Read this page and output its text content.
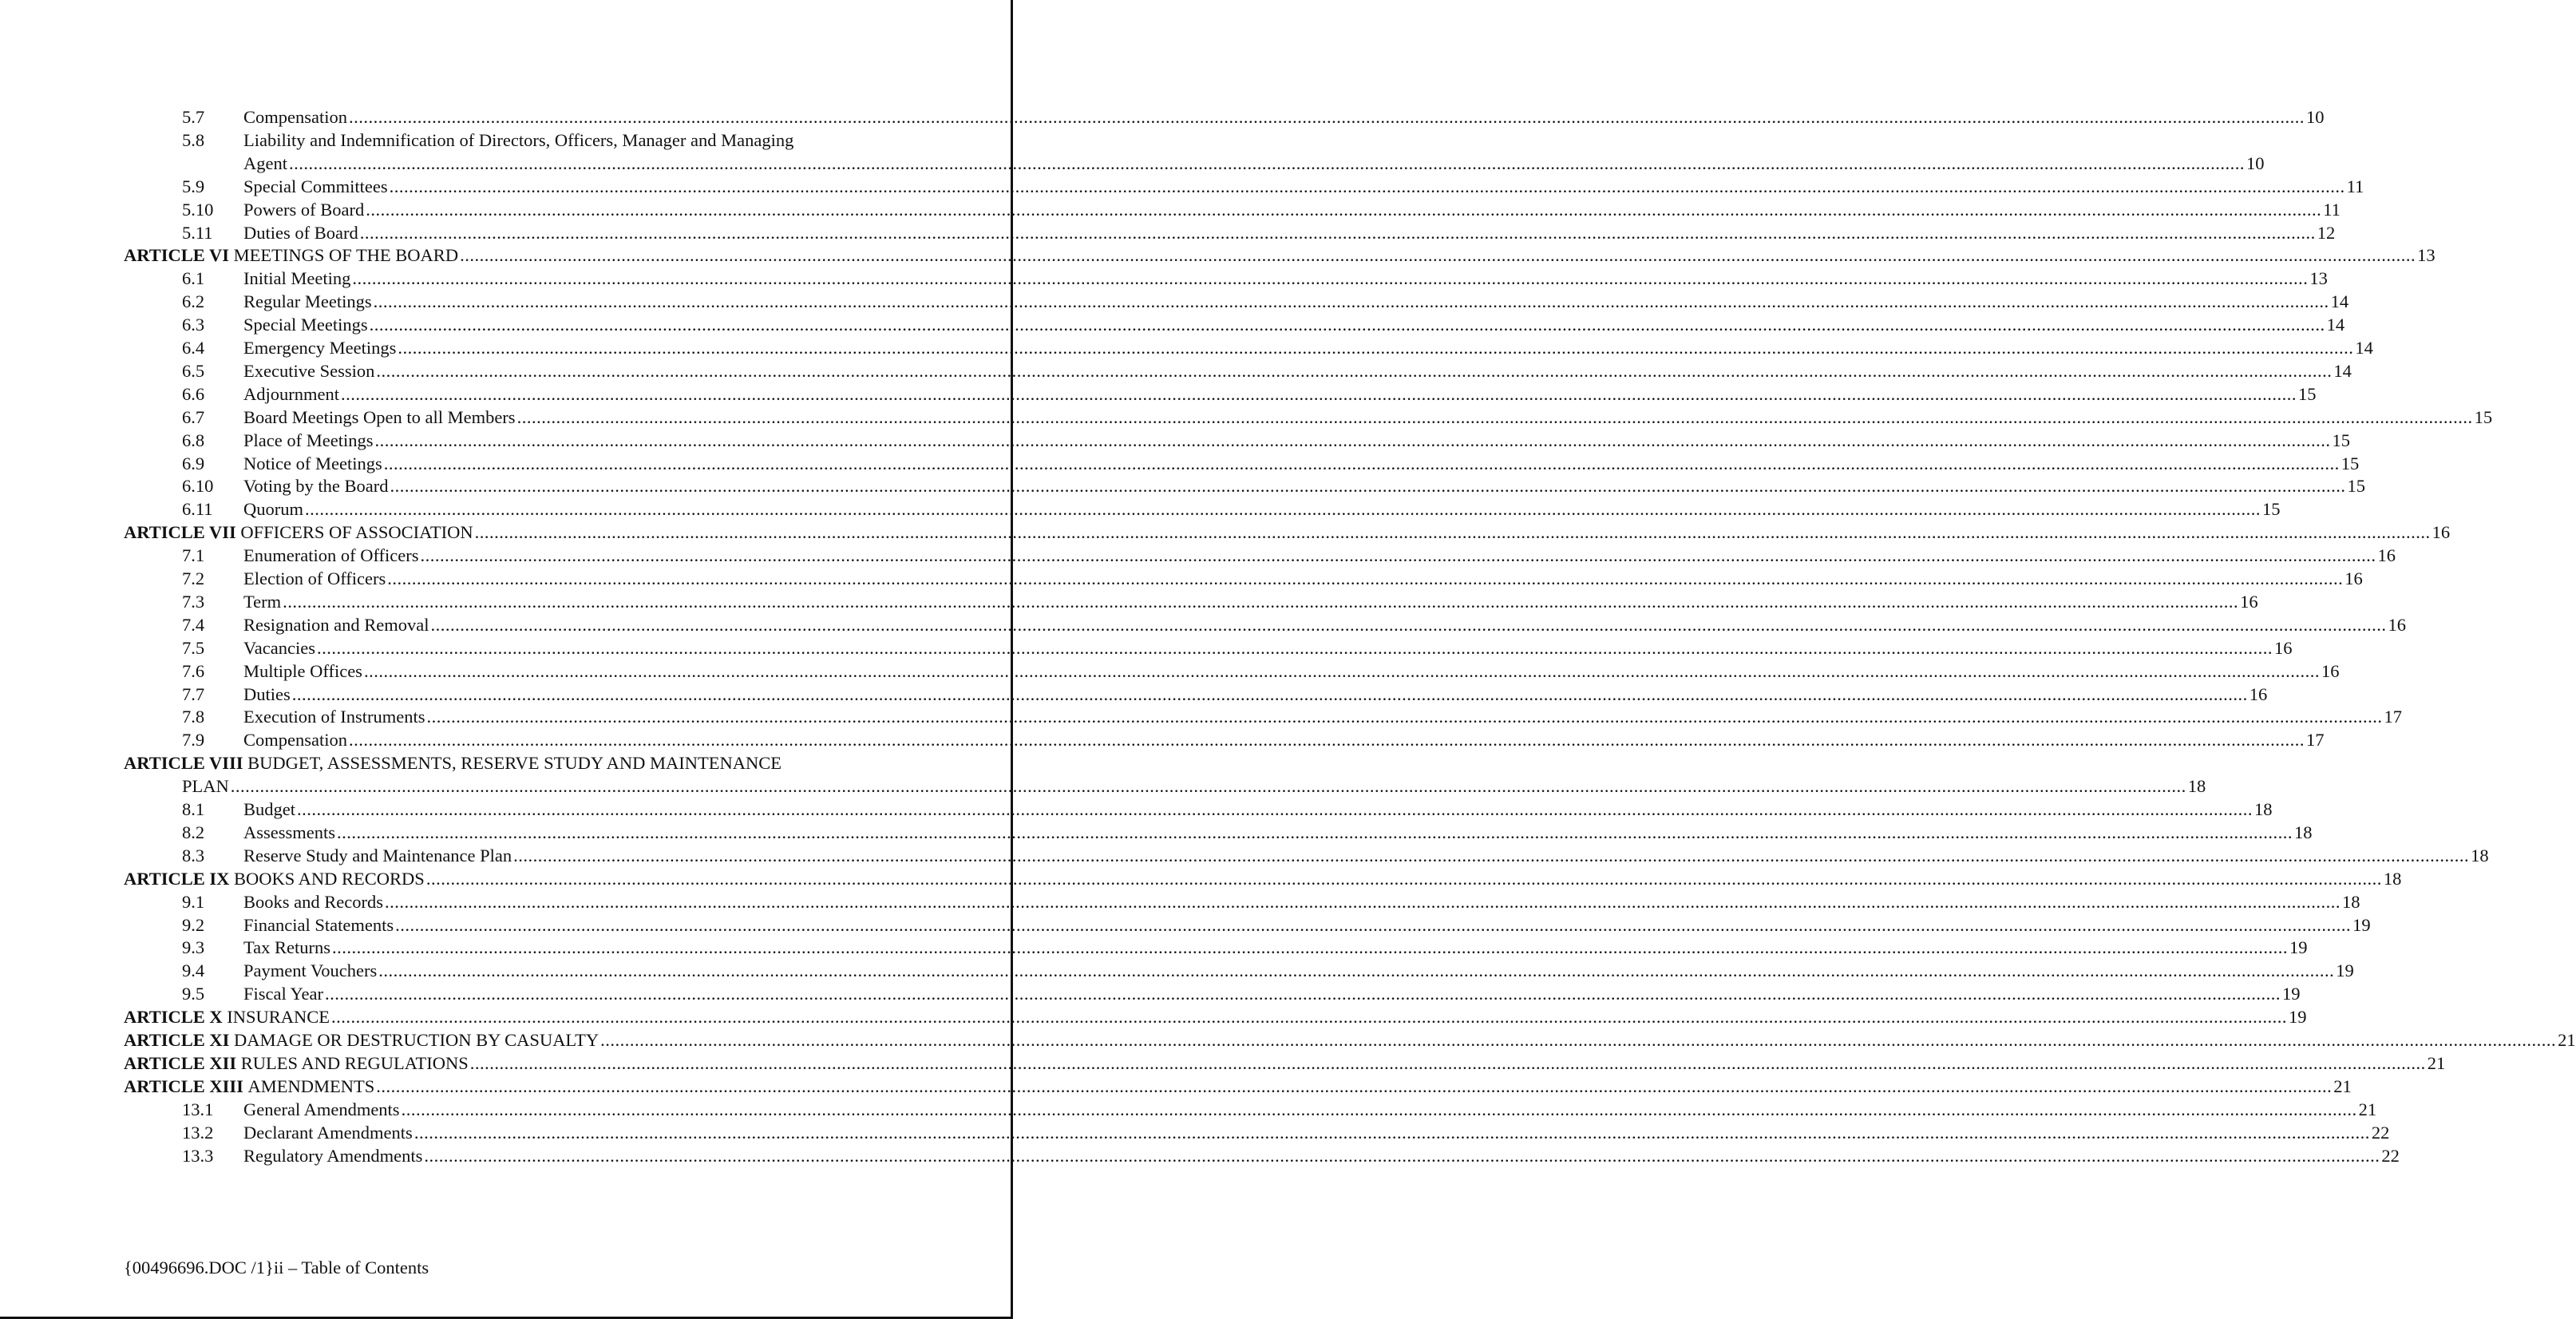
5.7	Compensation ................................................................................................................................................................................................................................................................................................................................................................................................................ 10
5.8	Liability and Indemnification of Directors, Officers, Manager and Managing
Agent ................................................................................................................................................................................................................................................................................................................................................................................................................ 10
5.9	Special Committees ................................................................................................................................................................................................................................................................................................................................................................................................................ 11
5.10	Powers of Board ................................................................................................................................................................................................................................................................................................................................................................................................................ 11
5.11	Duties of Board ................................................................................................................................................................................................................................................................................................................................................................................................................ 12
ARTICLE VI MEETINGS OF THE BOARD ................................................................................................................................................................................................................................................................................................................................................................................................................ 13
6.1	Initial Meeting ................................................................................................................................................................................................................................................................................................................................................................................................................ 13
6.2	Regular Meetings ................................................................................................................................................................................................................................................................................................................................................................................................................ 14
6.3	Special Meetings ................................................................................................................................................................................................................................................................................................................................................................................................................ 14
6.4	Emergency Meetings ................................................................................................................................................................................................................................................................................................................................................................................................................ 14
6.5	Executive Session ................................................................................................................................................................................................................................................................................................................................................................................................................ 14
6.6	Adjournment ................................................................................................................................................................................................................................................................................................................................................................................................................ 15
6.7	Board Meetings Open to all Members ................................................................................................................................................................................................................................................................................................................................................................................................................ 15
6.8	Place of Meetings ................................................................................................................................................................................................................................................................................................................................................................................................................ 15
6.9	Notice of Meetings ................................................................................................................................................................................................................................................................................................................................................................................................................ 15
6.10	Voting by the Board ................................................................................................................................................................................................................................................................................................................................................................................................................ 15
6.11	Quorum ................................................................................................................................................................................................................................................................................................................................................................................................................ 15
ARTICLE VII OFFICERS OF ASSOCIATION ................................................................................................................................................................................................................................................................................................................................................................................................................ 16
7.1	Enumeration of Officers ................................................................................................................................................................................................................................................................................................................................................................................................................ 16
7.2	Election of Officers ................................................................................................................................................................................................................................................................................................................................................................................................................ 16
7.3	Term ................................................................................................................................................................................................................................................................................................................................................................................................................ 16
7.4	Resignation and Removal ................................................................................................................................................................................................................................................................................................................................................................................................................ 16
7.5	Vacancies ................................................................................................................................................................................................................................................................................................................................................................................................................ 16
7.6	Multiple Offices ................................................................................................................................................................................................................................................................................................................................................................................................................ 16
7.7	Duties ................................................................................................................................................................................................................................................................................................................................................................................................................ 16
7.8	Execution of Instruments ................................................................................................................................................................................................................................................................................................................................................................................................................ 17
7.9	Compensation ................................................................................................................................................................................................................................................................................................................................................................................................................ 17
ARTICLE VIII BUDGET, ASSESSMENTS, RESERVE STUDY AND MAINTENANCE
PLAN ................................................................................................................................................................................................................................................................................................................................................................................................................ 18
8.1	Budget ................................................................................................................................................................................................................................................................................................................................................................................................................ 18
8.2	Assessments ................................................................................................................................................................................................................................................................................................................................................................................................................ 18
8.3	Reserve Study and Maintenance Plan ................................................................................................................................................................................................................................................................................................................................................................................................................ 18
ARTICLE IX BOOKS AND RECORDS ................................................................................................................................................................................................................................................................................................................................................................................................................ 18
9.1	Books and Records ................................................................................................................................................................................................................................................................................................................................................................................................................ 18
9.2	Financial Statements ................................................................................................................................................................................................................................................................................................................................................................................................................ 19
9.3	Tax Returns ................................................................................................................................................................................................................................................................................................................................................................................................................ 19
9.4	Payment Vouchers ................................................................................................................................................................................................................................................................................................................................................................................................................ 19
9.5	Fiscal Year ................................................................................................................................................................................................................................................................................................................................................................................................................ 19
ARTICLE X INSURANCE ................................................................................................................................................................................................................................................................................................................................................................................................................ 19
ARTICLE XI DAMAGE OR DESTRUCTION BY CASUALTY ................................................................................................................................................................................................................................................................................................................................................................................................................ 21
ARTICLE XII RULES AND REGULATIONS ................................................................................................................................................................................................................................................................................................................................................................................................................ 21
ARTICLE XIII AMENDMENTS ................................................................................................................................................................................................................................................................................................................................................................................................................ 21
13.1	General Amendments ................................................................................................................................................................................................................................................................................................................................................................................................................ 21
13.2	Declarant Amendments ................................................................................................................................................................................................................................................................................................................................................................................................................ 22
13.3	Regulatory Amendments ................................................................................................................................................................................................................................................................................................................................................................................................................ 22
{00496696.DOC /1}ii – Table of Contents
